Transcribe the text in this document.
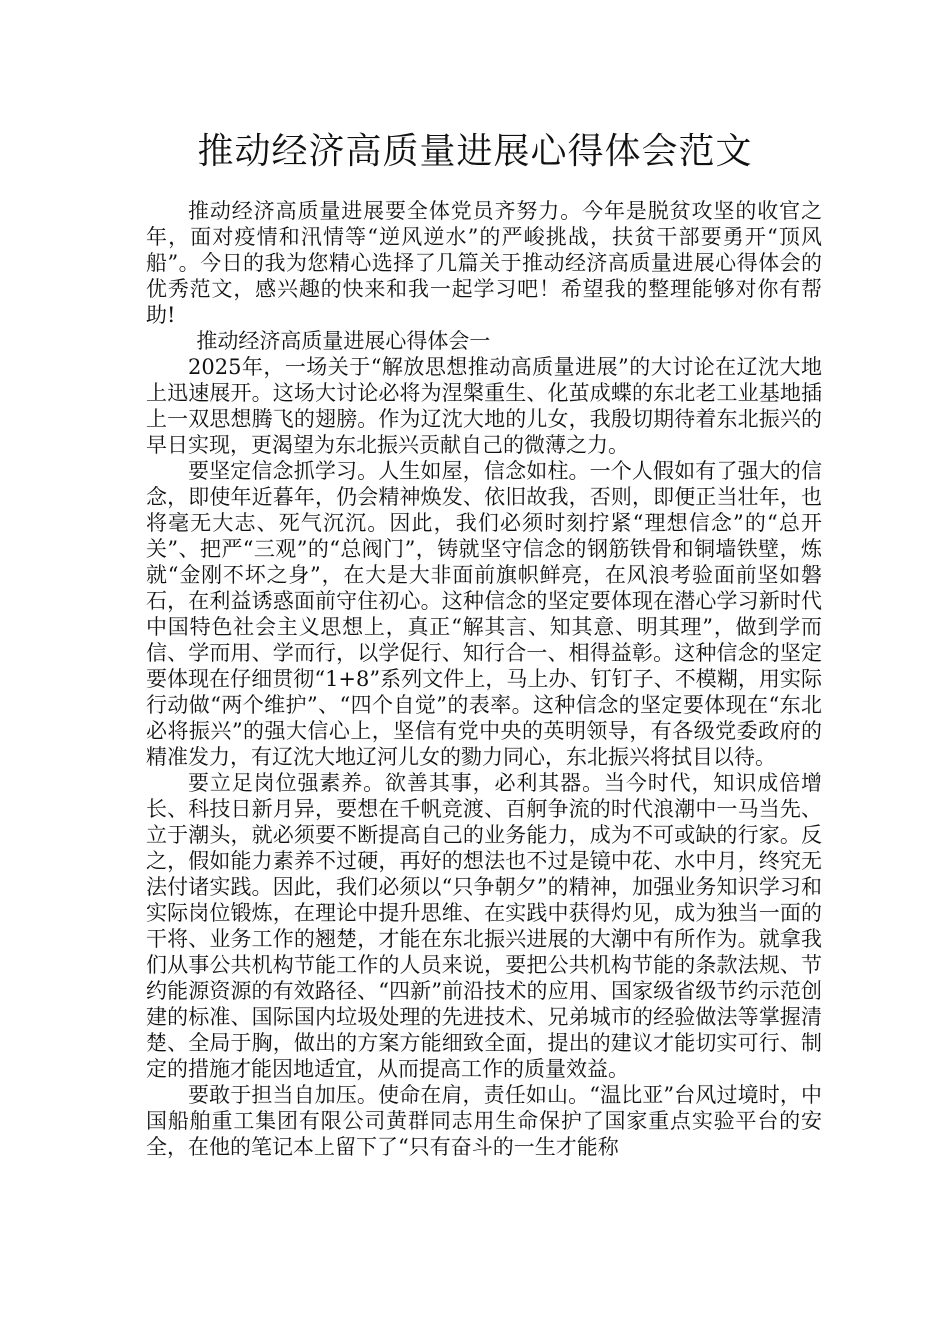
推动经济高质量进展心得体会范文

推动经济高质量进展要全体党员齐努力。今年是脱贫攻坚的收官之年，面对疫情和汛情等“逆风逆水”的严峻挑战，扶贫干部要勇开“顶风船”。今日的我为您精心选择了几篇关于推动经济高质量进展心得体会的优秀范文，感兴趣的快来和我一起学习吧！希望我的整理能够对你有帮助!

推动经济高质量进展心得体会一

2025年，一场关于“解放思想推动高质量进展”的大讨论在辽沈大地上迅速展开。这场大讨论必将为涅槃重生、化茧成蝶的东北老工业基地插上一双思想腾飞的翅膀。作为辽沈大地的儿女，我殷切期待着东北振兴的早日实现，更渴望为东北振兴贡献自己的微薄之力。

要坚定信念抓学习。人生如屋，信念如柱。一个人假如有了强大的信念，即使年近暮年，仍会精神焕发、依旧故我，否则，即便正当壮年，也将毫无大志、死气沉沉。因此，我们必须时刻拧紧“理想信念”的“总开关”、把严“三观”的“总阀门”，铸就坚守信念的钢筋铁骨和铜墙铁壁，炼就“金刚不坏之身”，在大是大非面前旗帜鲜亮，在风浪考验面前坚如磐石，在利益诱惑面前守住初心。这种信念的坚定要体现在潜心学习新时代中国特色社会主义思想上，真正“解其言、知其意、明其理”，做到学而信、学而用、学而行，以学促行、知行合一、相得益彰。这种信念的坚定要体现在仔细贯彻“1+8”系列文件上，马上办、钉钉子、不模糊，用实际行动做“两个维护”、“四个自觉”的表率。这种信念的坚定要体现在“东北必将振兴”的强大信心上，坚信有党中央的英明领导，有各级党委政府的精准发力，有辽沈大地辽河儿女的勠力同心，东北振兴将拭目以待。

要立足岗位强素养。欲善其事，必利其器。当今时代，知识成倍增长、科技日新月异，要想在千帆竞渡、百舸争流的时代浪潮中一马当先、立于潮头，就必须要不断提高自己的业务能力，成为不可或缺的行家。反之，假如能力素养不过硬，再好的想法也不过是镜中花、水中月，终究无法付诸实践。因此，我们必须以“只争朝夕”的精神，加强业务知识学习和实际岗位锻炼，在理论中提升思维、在实践中获得灼见，成为独当一面的干将、业务工作的翘楚，才能在东北振兴进展的大潮中有所作为。就拿我们从事公共机构节能工作的人员来说，要把公共机构节能的条款法规、节约能源资源的有效路径、“四新”前沿技术的应用、国家级省级节约示范创建的标准、国际国内垃圾处理的先进技术、兄弟城市的经验做法等掌握清楚、全局于胸，做出的方案方能细致全面，提出的建议才能切实可行、制定的措施才能因地适宜，从而提高工作的质量效益。

要敢于担当自加压。使命在肩，责任如山。“温比亚”台风过境时，中国船舶重工集团有限公司黄群同志用生命保护了国家重点实验平台的安全，在他的笔记本上留下了“只有奋斗的一生才能称
